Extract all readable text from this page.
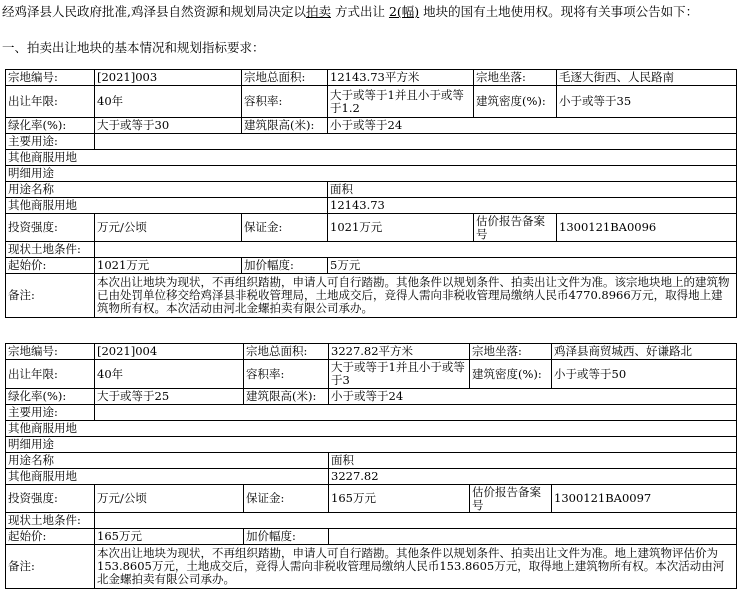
经鸡泽县人民政府批准,鸡泽县自然资源和规划局决定以拍卖 方式出让 2(幅) 地块的国有土地使用权。现将有关事项公告如下：
一、拍卖出让地块的基本情况和规划指标要求：
宗地编号:	[2021]003	宗地总面积:	12143.73平方米	宗地坐落:	毛逐大街西、人民路南
出让年限:	40年	容积率:	大于或等于1并且小于或等于1.2	建筑密度(%):	小于或等于35
绿化率(%):	大于或等于30	建筑限高(米):	小于或等于24		
主要用途:					
其他商服用地					
明细用途					
用途名称			面积		
其他商服用地			12143.73		
投资强度:	万元/公顷	保证金:	1021万元	估价报告备案号	1300121BA0096
现状土地条件:					
起始价:	1021万元	加价幅度:	5万元		
备注:	本次出让地块为现状，不再组织踏勘，申请人可自行踏勘。其他条件以规划条件、拍卖出让文件为准。该宗地块地上的建筑物已由处罚单位移交给鸡泽县非税收管理局，土地成交后，竞得人需向非税收管理局缴纳人民币4770.8966万元，取得地上建筑物所有权。本次活动由河北金螺拍卖有限公司承办。				
宗地编号:	[2021]004	宗地总面积:	3227.82平方米	宗地坐落:	鸡泽县商贸城西、好谦路北
出让年限:	40年	容积率:	大于或等于1并且小于或等于3	建筑密度(%):	小于或等于50
绿化率(%):	大于或等于25	建筑限高(米):	小于或等于24		
主要用途:					
其他商服用地					
明细用途					
用途名称			面积		
其他商服用地			3227.82		
投资强度:	万元/公顷	保证金:	165万元	估价报告备案号	1300121BA0097
现状土地条件:					
起始价:	165万元	加价幅度:			
备注:	本次出让地块为现状，不再组织踏勘，申请人可自行踏勘。其他条件以规划条件、拍卖出让文件为准。地上建筑物评估价为153.8605万元，土地成交后，竞得人需向非税收管理局缴纳人民币153.8605万元，取得地上建筑物所有权。本次活动由河北金螺拍卖有限公司承办。				
